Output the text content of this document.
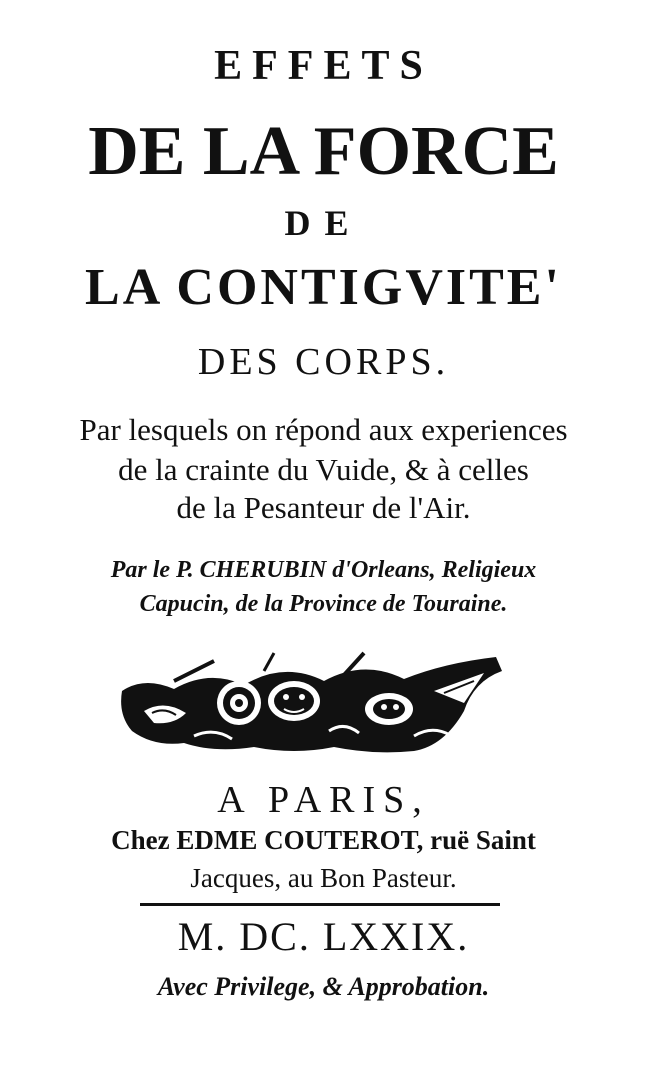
EFFETS

DE LA FORCE

DE

LA CONTIGVITE'

DES CORPS.

Par lesquels on répond aux experiences

de la crainte du Vuide, & à celles

de la Pesanteur de l'Air.

Par le P. CHERUBIN d'Orleans, Religieux

Capucin, de la Province de Touraine.

A PARIS,

Chez EDME COUTEROT, ruë Saint

Jacques, au Bon Pasteur.

M. DC. LXXIX.

Avec Privilege, & Approbation.
